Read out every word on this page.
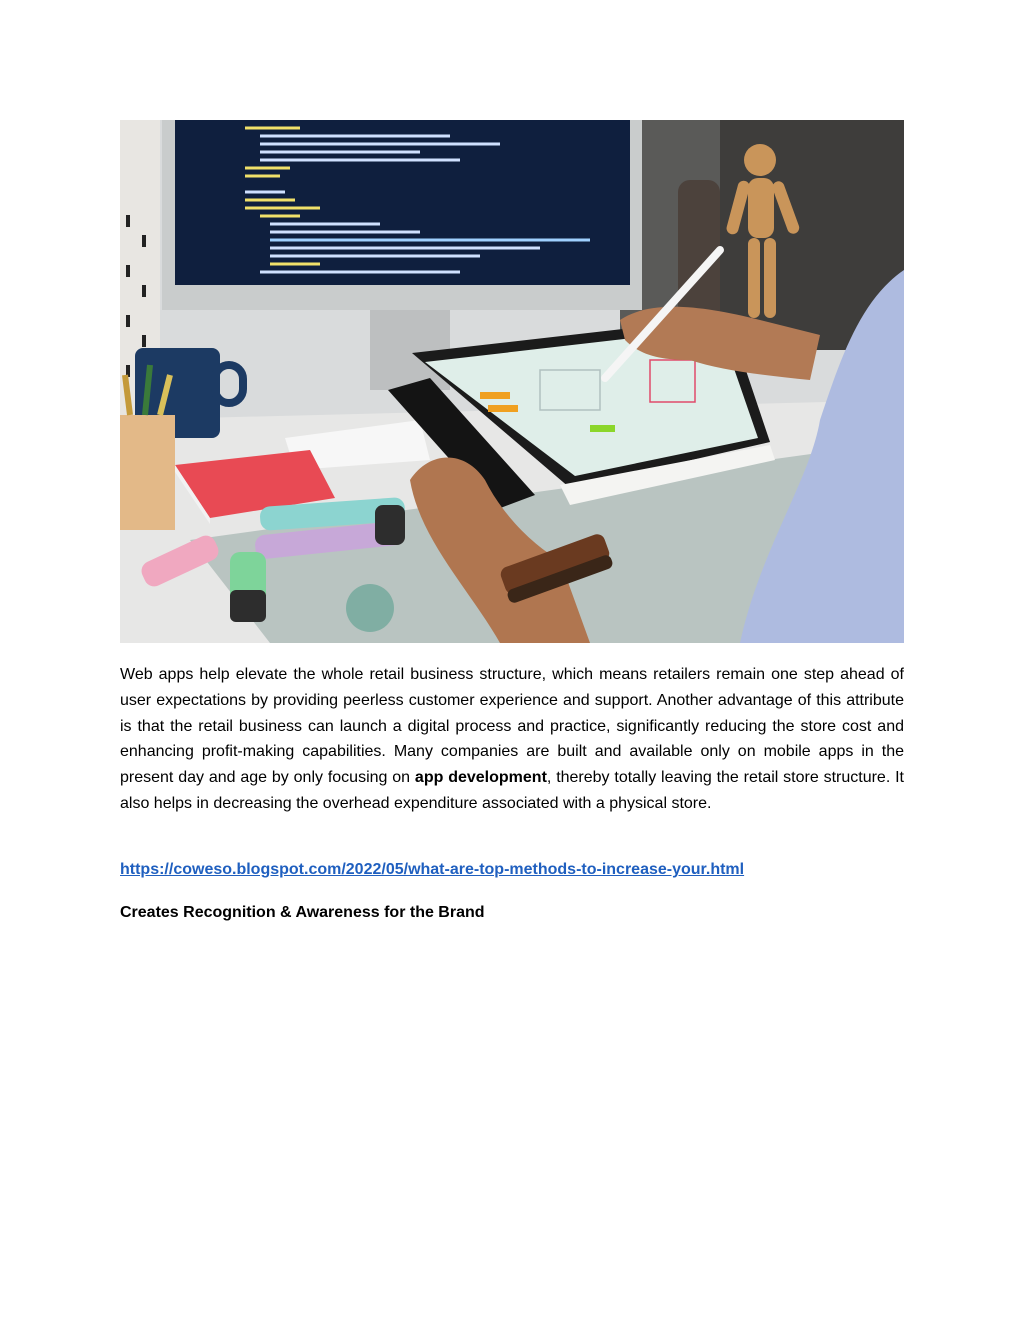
Web apps help elevate the whole retail business structure, which means retailers remain one step ahead of user expectations by providing peerless customer experience and support. Another advantage of this attribute is that the retail business can launch a digital process and practice, significantly reducing the store cost and enhancing profit-making capabilities. Many companies are built and available only on mobile apps in the present day and age by only focusing on app development, thereby totally leaving the retail store structure. It also helps in decreasing the overhead expenditure associated with a physical store.

https://coweso.blogspot.com/2022/05/what-are-top-methods-to-increase-your.html
Creates Recognition & Awareness for the Brand
